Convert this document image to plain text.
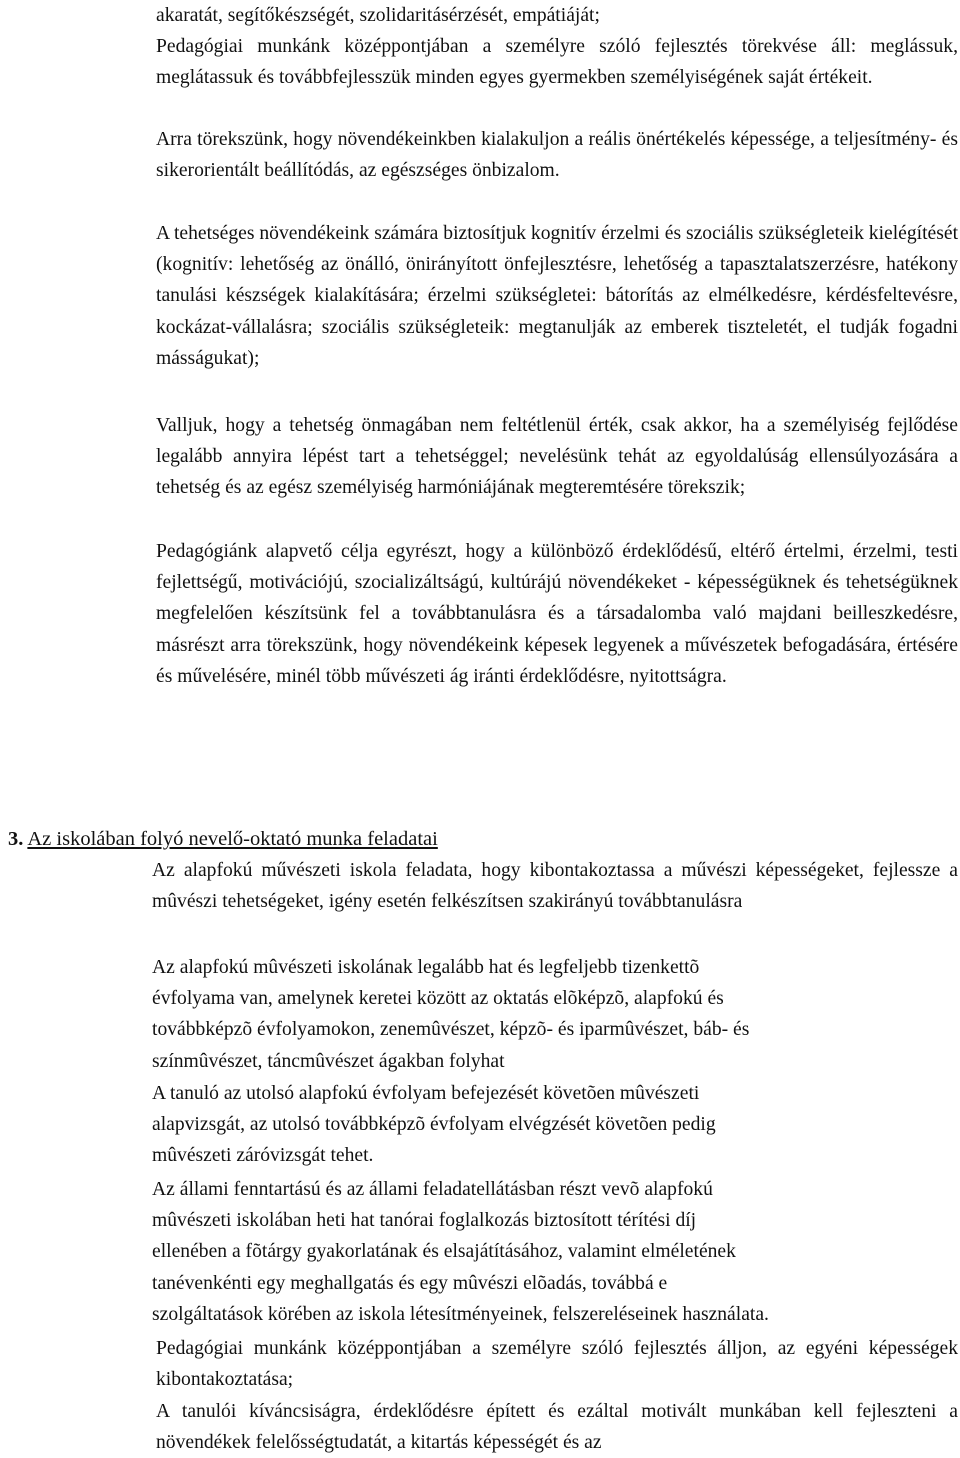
akaratát, segítőkészségét, szolidaritásérzését, empátiáját;

Pedagógiai munkánk középpontjában a személyre szóló fejlesztés törekvése áll: meglássuk, meglátassuk és továbbfejlesszük minden egyes gyermekben személyiségének saját értékeit.

Arra törekszünk, hogy növendékeinkben kialakuljon a reális önértékelés képessége, a teljesítmény- és sikerorientált beállítódás, az egészséges önbizalom.

A tehetséges növendékeink számára biztosítjuk kognitív érzelmi és szociális szükségleteik kielégítését (kognitív: lehetőség az önálló, önirányított önfejlesztésre, lehetőség a tapasztalatszerzésre, hatékony tanulási készségek kialakítására; érzelmi szükségletei: bátorítás az elmélkedésre, kérdésfeltevésre, kockázat-vállalásra; szociális szükségleteik: megtanulják az emberek tiszteletét, el tudják fogadni másságukat);

Valljuk, hogy a tehetség önmagában nem feltétlenül érték, csak akkor, ha a személyiség fejlődése legalább annyira lépést tart a tehetséggel; nevelésünk tehát az egyoldalúság ellensúlyozására a tehetség és az egész személyiség harmóniájának megteremtésére törekszik;

Pedagógiánk alapvető célja egyrészt, hogy a különböző érdeklődésű, eltérő értelmi, érzelmi, testi fejlettségű, motivációjú, szocializáltságú, kultúrájú növendékeket - képességüknek és tehetségüknek megfelelően készítsünk fel a továbbtanulásra és a társadalomba való majdani beilleszkedésre, másrészt arra törekszünk, hogy növendékeink képesek legyenek a művészetek befogadására, értésére és művelésére, minél több művészeti ág iránti érdeklődésre, nyitottságra.

3. Az iskolában folyó nevelő-oktató munka feladatai

Az alapfokú művészeti iskola feladata, hogy kibontakoztassa a művészi képességeket, fejlessze a mûvészi tehetségeket, igény esetén felkészítsen szakirányú továbbtanulásra

Az alapfokú mûvészeti iskolának legalább hat és legfeljebb tizenkettõ
évfolyama van, amelynek keretei között az oktatás elõképzõ, alapfokú és
továbbképzõ évfolyamokon, zenemûvészet, képzõ- és iparmûvészet, báb- és
színmûvészet, táncmûvészet ágakban folyhat
A tanuló az utolsó alapfokú évfolyam befejezését követõen mûvészeti
alapvizsgát, az utolsó továbbképzõ évfolyam elvégzését követõen pedig
mûvészeti záróvizsgát tehet.
Az állami fenntartású és az állami feladatellátásban részt vevõ alapfokú
mûvészeti iskolában heti hat tanórai foglalkozás biztosított térítési díj
ellenében a fõtárgy gyakorlatának és elsajátításához, valamint elméletének
tanévenkénti egy meghallgatás és egy mûvészi elõadás, továbbá e
szolgáltatások körében az iskola létesítményeinek, felszereléseinek használata.

Pedagógiai munkánk középpontjában a személyre szóló fejlesztés álljon, az egyéni képességek kibontakoztatása;

A tanulói kíváncsiságra, érdeklődésre épített és ezáltal motivált munkában kell fejleszteni a növendékek felelősségtudatát, a kitartás képességét és az
